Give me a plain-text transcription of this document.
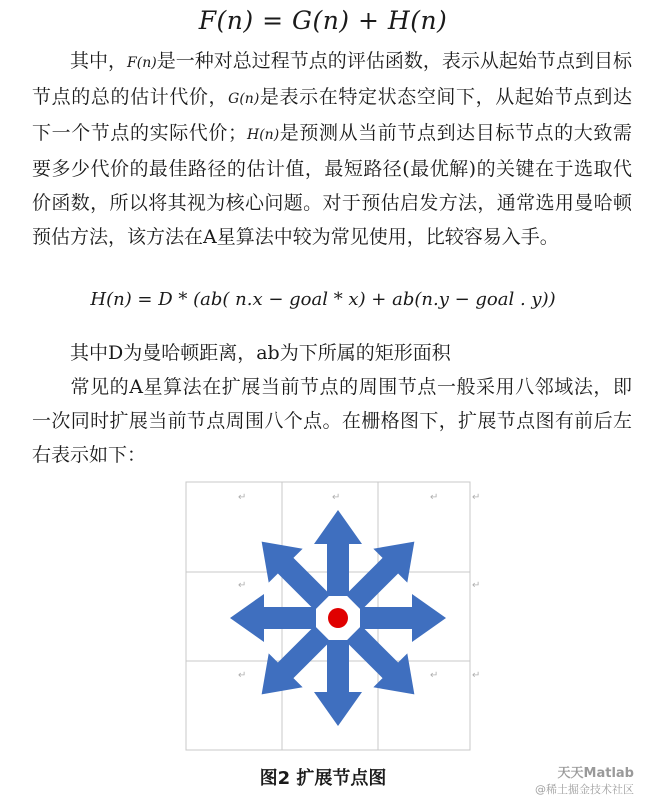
F(n) = G(n) + H(n)

其中，F(n)是一种对总过程节点的评估函数，表示从起始节点到目标节点的总的估计代价，G(n)是表示在特定状态空间下，从起始节点到达下一个节点的实际代价；H(n)是预测从当前节点到达目标节点的大致需要多少代价的最佳路径的估计值，最短路径(最优解)的关键在于选取代价函数，所以将其视为核心问题。对于预估启发方法，通常选用曼哈顿预估方法，该方法在A星算法中较为常见使用，比较容易入手。

H(n) = D * (ab( n.x − goal * x) + ab(n.y − goal . y))

其中D为曼哈顿距离，ab为下所属的矩形面积

常见的A星算法在扩展当前节点的周围节点一般采用八邻域法，即一次同时扩展当前节点周围八个点。在栅格图下，扩展节点图有前后左右表示如下：

↵	↵	↵	↵
↵	↵
↵	↵	↵
图2 扩展节点图	天天Matlab
@稀土掘金技术社区
